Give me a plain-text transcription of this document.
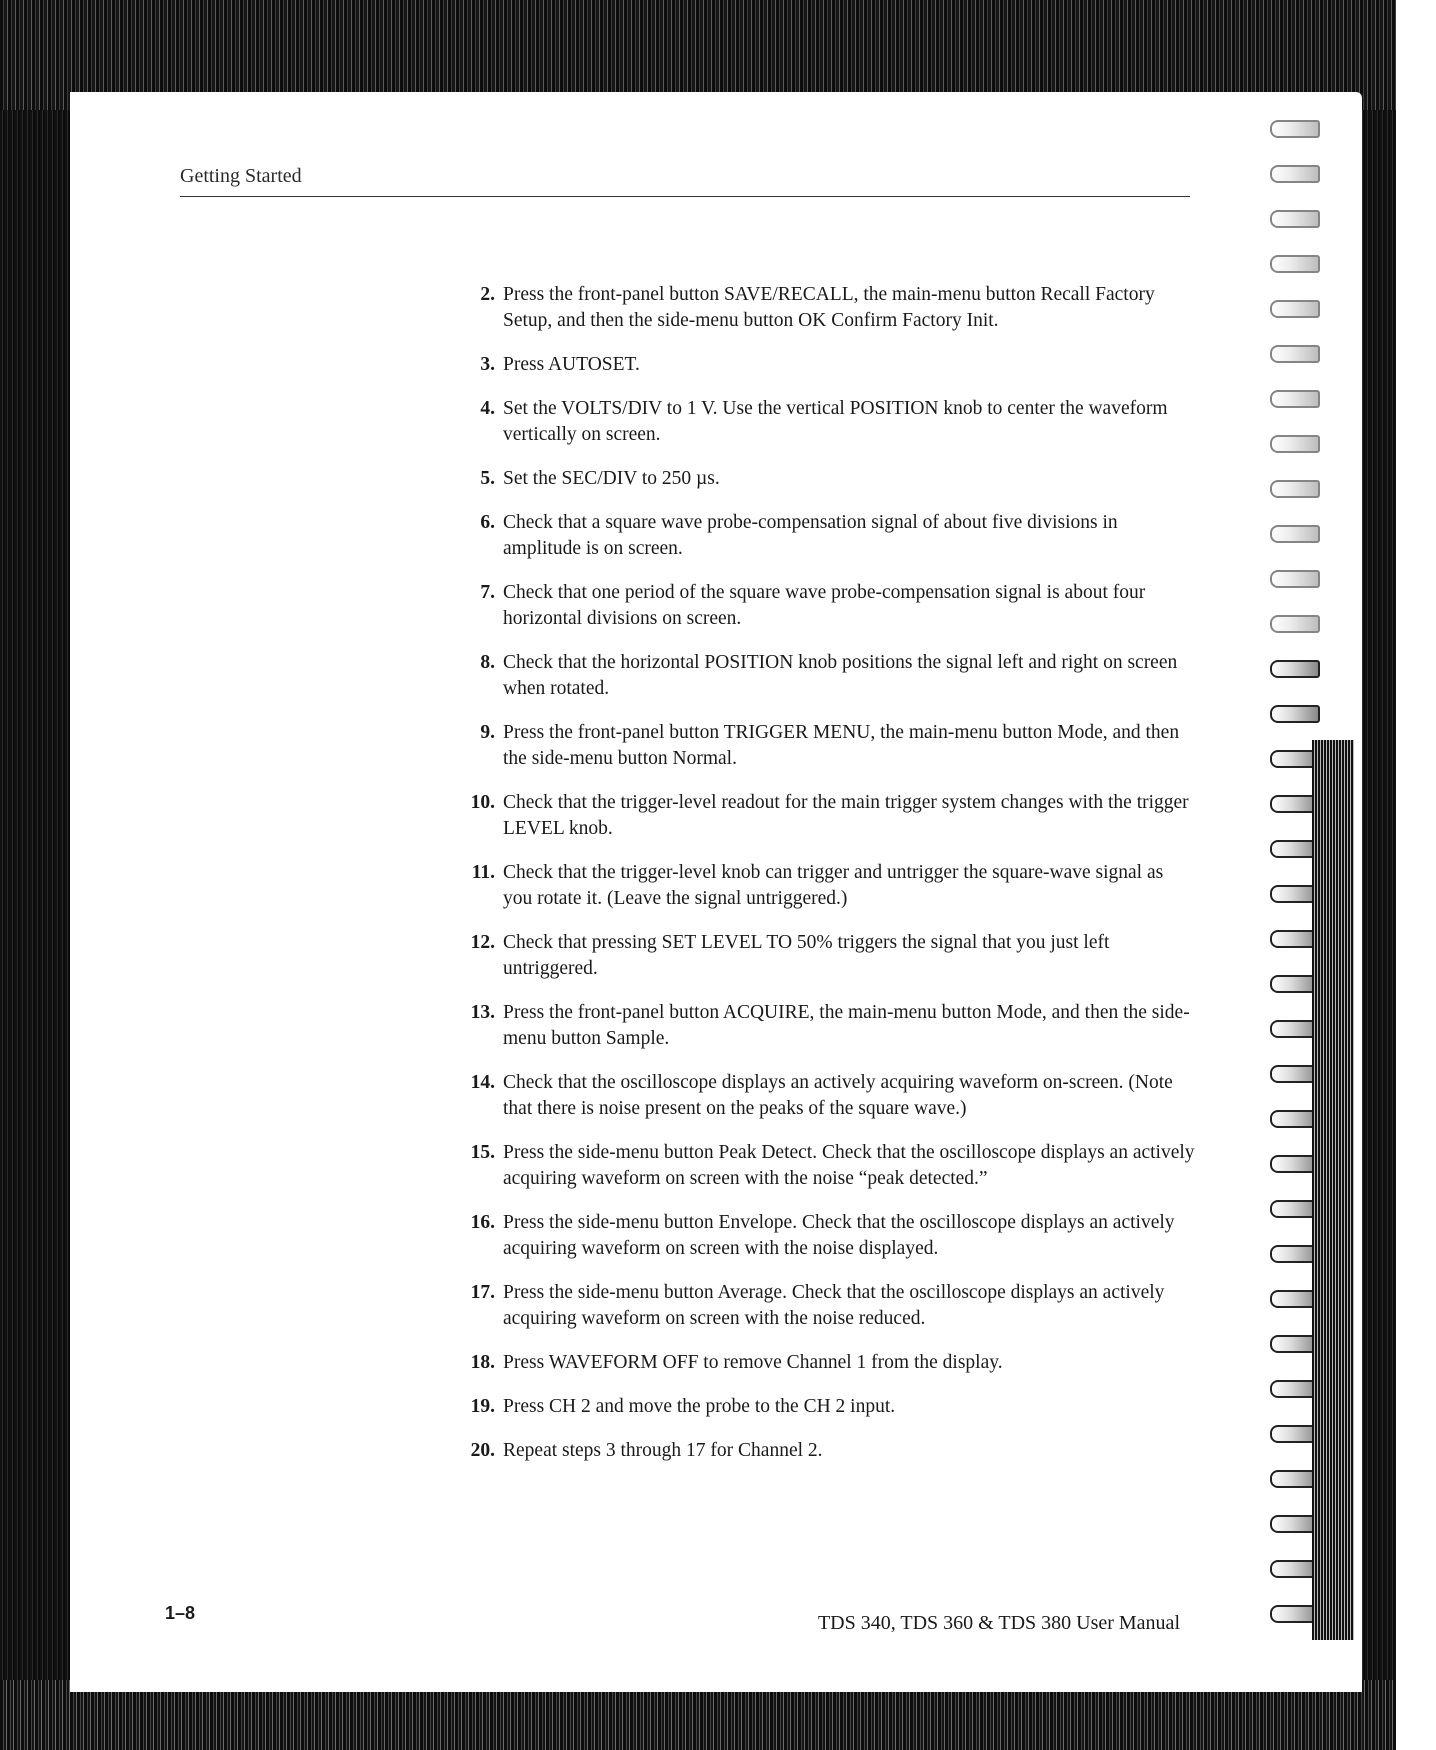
Getting Started
2. Press the front-panel button SAVE/RECALL, the main-menu button Recall Factory Setup, and then the side-menu button OK Confirm Factory Init.
3. Press AUTOSET.
4. Set the VOLTS/DIV to 1 V. Use the vertical POSITION knob to center the waveform vertically on screen.
5. Set the SEC/DIV to 250 µs.
6. Check that a square wave probe-compensation signal of about five divisions in amplitude is on screen.
7. Check that one period of the square wave probe-compensation signal is about four horizontal divisions on screen.
8. Check that the horizontal POSITION knob positions the signal left and right on screen when rotated.
9. Press the front-panel button TRIGGER MENU, the main-menu button Mode, and then the side-menu button Normal.
10. Check that the trigger-level readout for the main trigger system changes with the trigger LEVEL knob.
11. Check that the trigger-level knob can trigger and untrigger the square-wave signal as you rotate it. (Leave the signal untriggered.)
12. Check that pressing SET LEVEL TO 50% triggers the signal that you just left untriggered.
13. Press the front-panel button ACQUIRE, the main-menu button Mode, and then the side-menu button Sample.
14. Check that the oscilloscope displays an actively acquiring waveform on-screen. (Note that there is noise present on the peaks of the square wave.)
15. Press the side-menu button Peak Detect. Check that the oscilloscope displays an actively acquiring waveform on screen with the noise “peak detected.”
16. Press the side-menu button Envelope. Check that the oscilloscope displays an actively acquiring waveform on screen with the noise displayed.
17. Press the side-menu button Average. Check that the oscilloscope displays an actively acquiring waveform on screen with the noise reduced.
18. Press WAVEFORM OFF to remove Channel 1 from the display.
19. Press CH 2 and move the probe to the CH 2 input.
20. Repeat steps 3 through 17 for Channel 2.
1–8	TDS 340, TDS 360 & TDS 380 User Manual
